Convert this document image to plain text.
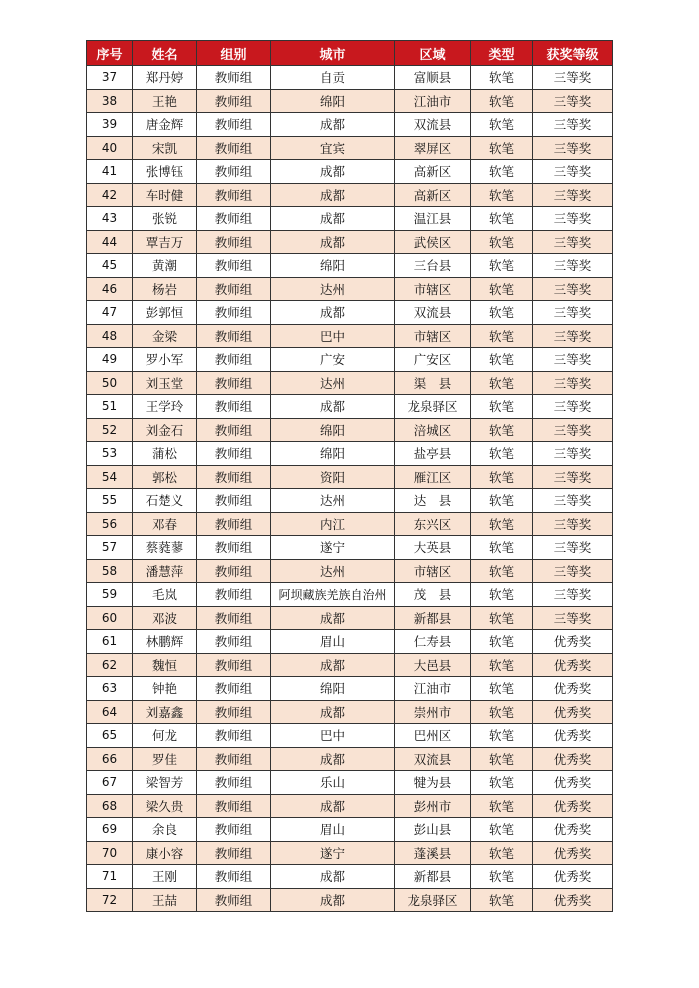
序号	姓名	组别	城市	区域	类型	获奖等级
37	郑丹婷	教师组	自贡	富顺县	软笔	三等奖
38	王艳	教师组	绵阳	江油市	软笔	三等奖
39	唐金辉	教师组	成都	双流县	软笔	三等奖
40	宋凯	教师组	宜宾	翠屏区	软笔	三等奖
41	张博钰	教师组	成都	高新区	软笔	三等奖
42	车时健	教师组	成都	高新区	软笔	三等奖
43	张锐	教师组	成都	温江县	软笔	三等奖
44	覃吉万	教师组	成都	武侯区	软笔	三等奖
45	黄潮	教师组	绵阳	三台县	软笔	三等奖
46	杨岩	教师组	达州	市辖区	软笔	三等奖
47	彭郭恒	教师组	成都	双流县	软笔	三等奖
48	金梁	教师组	巴中	市辖区	软笔	三等奖
49	罗小军	教师组	广安	广安区	软笔	三等奖
50	刘玉堂	教师组	达州	渠　县	软笔	三等奖
51	王学玲	教师组	成都	龙泉驿区	软笔	三等奖
52	刘金石	教师组	绵阳	涪城区	软笔	三等奖
53	蒲松	教师组	绵阳	盐亭县	软笔	三等奖
54	郭松	教师组	资阳	雁江区	软笔	三等奖
55	石楚义	教师组	达州	达　县	软笔	三等奖
56	邓春	教师组	内江	东兴区	软笔	三等奖
57	蔡蕤蓼	教师组	遂宁	大英县	软笔	三等奖
58	潘慧萍	教师组	达州	市辖区	软笔	三等奖
59	毛岚	教师组	阿坝藏族羌族自治州	茂　县	软笔	三等奖
60	邓波	教师组	成都	新都县	软笔	三等奖
61	林鹏辉	教师组	眉山	仁寿县	软笔	优秀奖
62	魏恒	教师组	成都	大邑县	软笔	优秀奖
63	钟艳	教师组	绵阳	江油市	软笔	优秀奖
64	刘嘉鑫	教师组	成都	崇州市	软笔	优秀奖
65	何龙	教师组	巴中	巴州区	软笔	优秀奖
66	罗佳	教师组	成都	双流县	软笔	优秀奖
67	梁智芳	教师组	乐山	犍为县	软笔	优秀奖
68	梁久贵	教师组	成都	彭州市	软笔	优秀奖
69	余良	教师组	眉山	彭山县	软笔	优秀奖
70	康小容	教师组	遂宁	蓬溪县	软笔	优秀奖
71	王刚	教师组	成都	新都县	软笔	优秀奖
72	王喆	教师组	成都	龙泉驿区	软笔	优秀奖
